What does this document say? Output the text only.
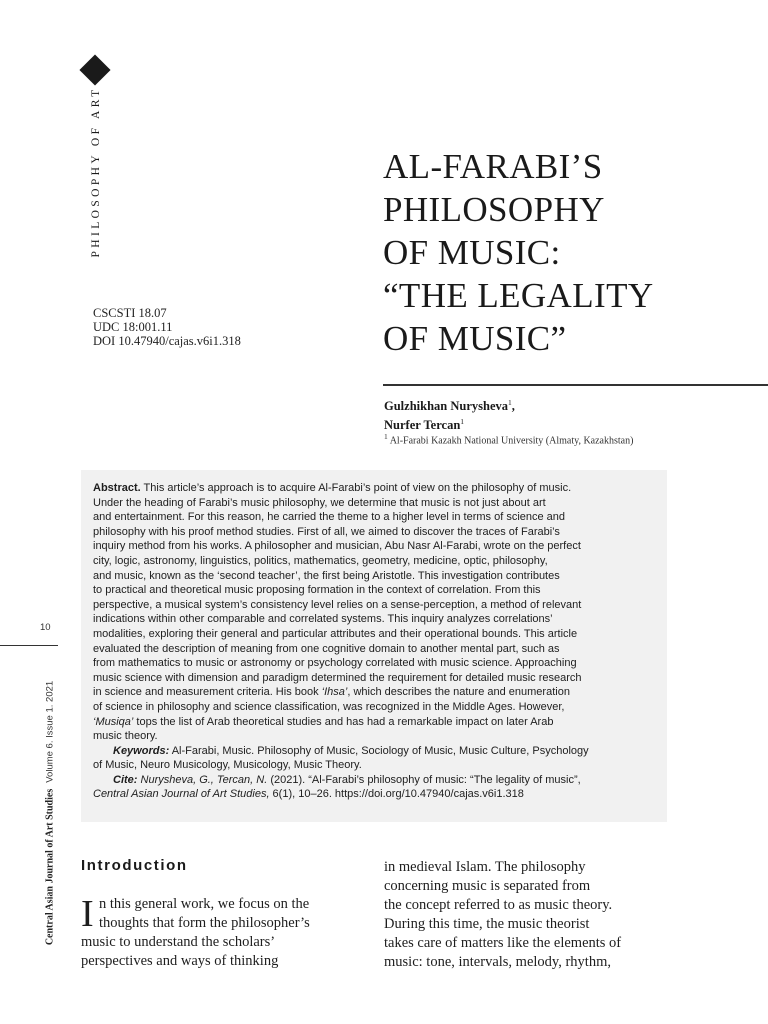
PHILOSOPHY OF ART
CSCSTI 18.07
UDC 18:001.11
DOI 10.47940/cajas.v6i1.318
AL-FARABI’S
PHILOSOPHY
OF MUSIC:
“THE LEGALITY
OF MUSIC”
Gulzhikhan Nurysheva$^1$,
Nurfer Tercan$^1$
$^1$ Al-Farabi Kazakh National University (Almaty, Kazakhstan)
Abstract. This article’s approach is to acquire Al-Farabi’s point of view on the philosophy of music.
Under the heading of Farabi’s music philosophy, we determine that music is not just about art
and entertainment. For this reason, he carried the theme to a higher level in terms of science and
philosophy with his proof method studies. First of all, we aimed to discover the traces of Farabi’s
inquiry method from his works. A philosopher and musician, Abu Nasr Al-Farabi, wrote on the perfect
city, logic, astronomy, linguistics, politics, mathematics, geometry, medicine, optic, philosophy,
and music, known as the ‘second teacher’, the first being Aristotle. This investigation contributes
to practical and theoretical music proposing formation in the context of correlation. From this
perspective, a musical system’s consistency level relies on a sense-perception, a method of relevant
indications within other comparable and correlated systems. This inquiry analyzes correlations’
modalities, exploring their general and particular attributes and their operational bounds. This article
evaluated the description of meaning from one cognitive domain to another mental part, such as
from mathematics to music or astronomy or psychology correlated with music science. Approaching
music science with dimension and paradigm determined the requirement for detailed music research
in science and measurement criteria. His book ‘Ihsa’, which describes the nature and enumeration
of science in philosophy and science classification, was recognized in the Middle Ages. However,
‘Musiqa’ tops the list of Arab theoretical studies and has had a remarkable impact on later Arab
music theory.
Keywords: Al-Farabi, Music. Philosophy of Music, Sociology of Music, Music Culture, Psychology
of Music, Neuro Musicology, Musicology, Music Theory.
Cite: Nurysheva, G., Tercan, N. (2021). “Al-Farabi’s philosophy of music: “The legality of music”,
Central Asian Journal of Art Studies, 6(1), 10–26. https://doi.org/10.47940/cajas.v6i1.318
10
Central Asian Journal of Art StudiesVolume 6. Issue 1. 2021
Introduction
I n this general work, we focus on the
thoughts that form the philosopher’s
music to understand the scholars’
perspectives and ways of thinking
in medieval Islam. The philosophy
concerning music is separated from
the concept referred to as music theory.
During this time, the music theorist
takes care of matters like the elements of
music: tone, intervals, melody, rhythm,
